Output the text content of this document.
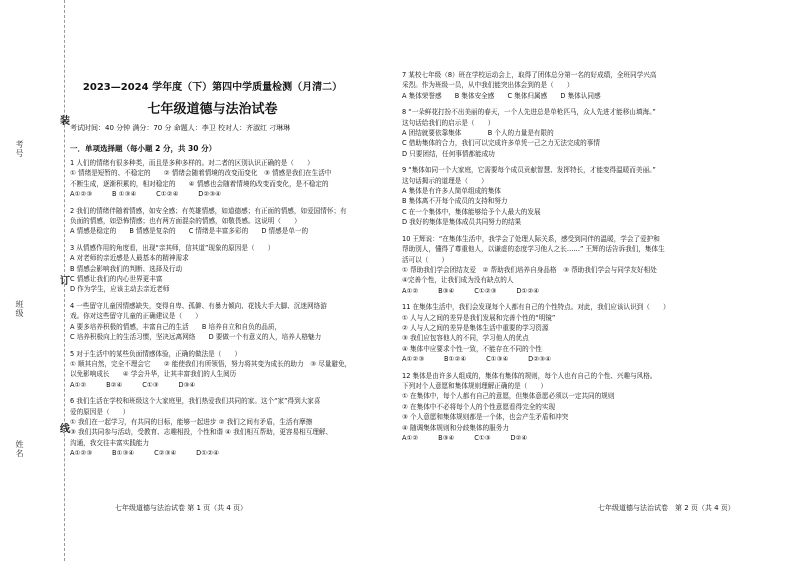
装
订
线
考号
班级
姓名
2023—2024 学年度（下）第四中学质量检测（月清二）
七年级道德与法治试卷
考试时间：40 分钟 满分：70 分 命题人：李卫 校对人：齐淑红 刁琳琳
一．单项选择题（每小题 2 分，共 30 分）

1 人们的情绪有很多种类，而且是多种多样的。对二者的区别认识正确的是（　　）

① 情绪是短暂的、不稳定的　　② 情绪会随着情境的改变而变化　③ 情感是我们在生活中

不断生成，逐渐积累的，相对稳定的　　④ 情感也会随着情境的改变而变化，是不稳定的

A①②③　　　B ①③④　　　C①②④　　　D②③④

2 我们的情绪伴随着情感，如安全感；有英雄情感，如道德感；有正面的情感，如爱国情怀；有

负面的情感，如恐怖情感；也有两方面混杂的情感，如敬畏感。这说明（　　）

A 情感是稳定的　　B 情感是复杂的　　C 情绪是丰富多彩的　　D 情感是单一的

3 从情感作用的角度看，出现“亲其师，信其道”现象的原因是（　　）

A 对老师的亲近感是人最基本的精神需求

B 情感会影响我们的判断、选择及行动

C 情感让我们的内心世界更丰富

D 作为学生，应该主动去亲近老师

4 一些留守儿童因情感缺失，变得自卑、孤僻、有暴力倾向、花钱大手大脚、沉迷网络游

戏。你对这些留守儿童的正确建议是（　　）

A 要多培养积极的情感，丰富自己的生活　　B 培养自立和自负的品质，

C 培养积极向上的生活习惯，坚决远离网络　　D 要做一个有意义的人，培养人格魅力

5 对于生活中的某些负面情感体验，正确的做法是（　　）

① 顺其自然，完全不理会它　　② 能使我们有所领悟，努力将其变为成长的助力　③ 尽量避免，

以免影响成长　　④ 学会升华，让其丰富我们的人生阅历

A①②　　　B②④　　　C①③　　　D③④

6 我们生活在学校和班级这个大家庭里，我们热爱我们共同的家。这个“家”得到大家喜

爱的原因是（　　）

① 我们在一起学习，有共同的目标，能够一起进步 ② 我们之间有矛盾，生活有摩擦

③ 我们共同参与活动，受教育、志趣相投，个性和谐 ④ 我们相互帮助，更容易相互理解、

沟通，我交往丰富实践能力

A①②③　　　B①③④　　　C②③④　　　D①②④

7 某校七年级（8）班在学校运动会上，取得了团体总分第一名的好成绩，全班同学兴高

采烈。作为班级一员，从中我们能突出体会到的是（　　）

A 集体荣誉感　　B 集体安全感　　C 集体归属感　　D 集体认同感

8 “一朵鲜花打扮不出美丽的春天，一个人先进总是单枪匹马，众人先进才能移山填海。”

这句话给我们的启示是（　　）

A 团结就要依靠集体　　　　B 个人的力量是有限的

C 借助集体的合力，我们可以完成许多单凭一己之力无法完成的事情

D 只要团结，任何事情都能成功

9 “集体如同一个大家庭，它需要每个成员贡献智慧、发挥特长，才能变得温暖而美丽。”

这句话揭示的道理是（　　）

A 集体是有许多人简单组成的集体

B 集体离不开每个成员的支持和努力

C 在一个集体中，集体能够给予个人最大的发展

D 我好的集体是集体成员共同努力的结果

10 王辉说：“在集体生活中，我学会了处理人际关系，感受到同伴的温暖，学会了爱护和

帮助别人，懂得了尊重他人，以谦虚的态度学习他人之长……” 王辉的话告诉我们，集体生

活可以（　　）

① 帮助我们学会团结友爱　② 帮助我们培养自身品格　③ 帮助我们学会与同学友好相处

④完善个性，让我们成为没有缺点的人

A①②　　　B③④　　　C①②③　　　D①②④

11 在集体生活中，我们会发现每个人都有自己的个性特点。对此，我们应该认识到（　　）

① 人与人之间的差异是我们发展和完善个性的“明镜”

② 人与人之间的差异是集体生活中重要的学习资源

③ 我们应包容他人的不同，学习他人的优点

④ 集体中应要求个性一致，不能存在不同的个性

A①②③　　　B①②④　　　C①③④　　　D②③④

12 集体是由许多人组成的，集体有集体的规则，每个人也有自己的个性、兴趣与风格。

下列对个人意愿和集体规则理解正确的是（　　）

① 在集体中，每个人都有自己的意愿，但集体意愿必须以一定共同的规则

② 在集体中不必将每个人的个性意愿看得完全的实现

③ 个人意愿和集体规则都是一个体，也会产生矛盾和冲突

④ 随调集体规则和分歧集体的服务力

A①②　　　B③④　　　C①③　　　D②④

七年级道德与法治试卷 第 1 页（共 4 页）	七年级道德与法治试卷　第 2 页（共 4 页）
